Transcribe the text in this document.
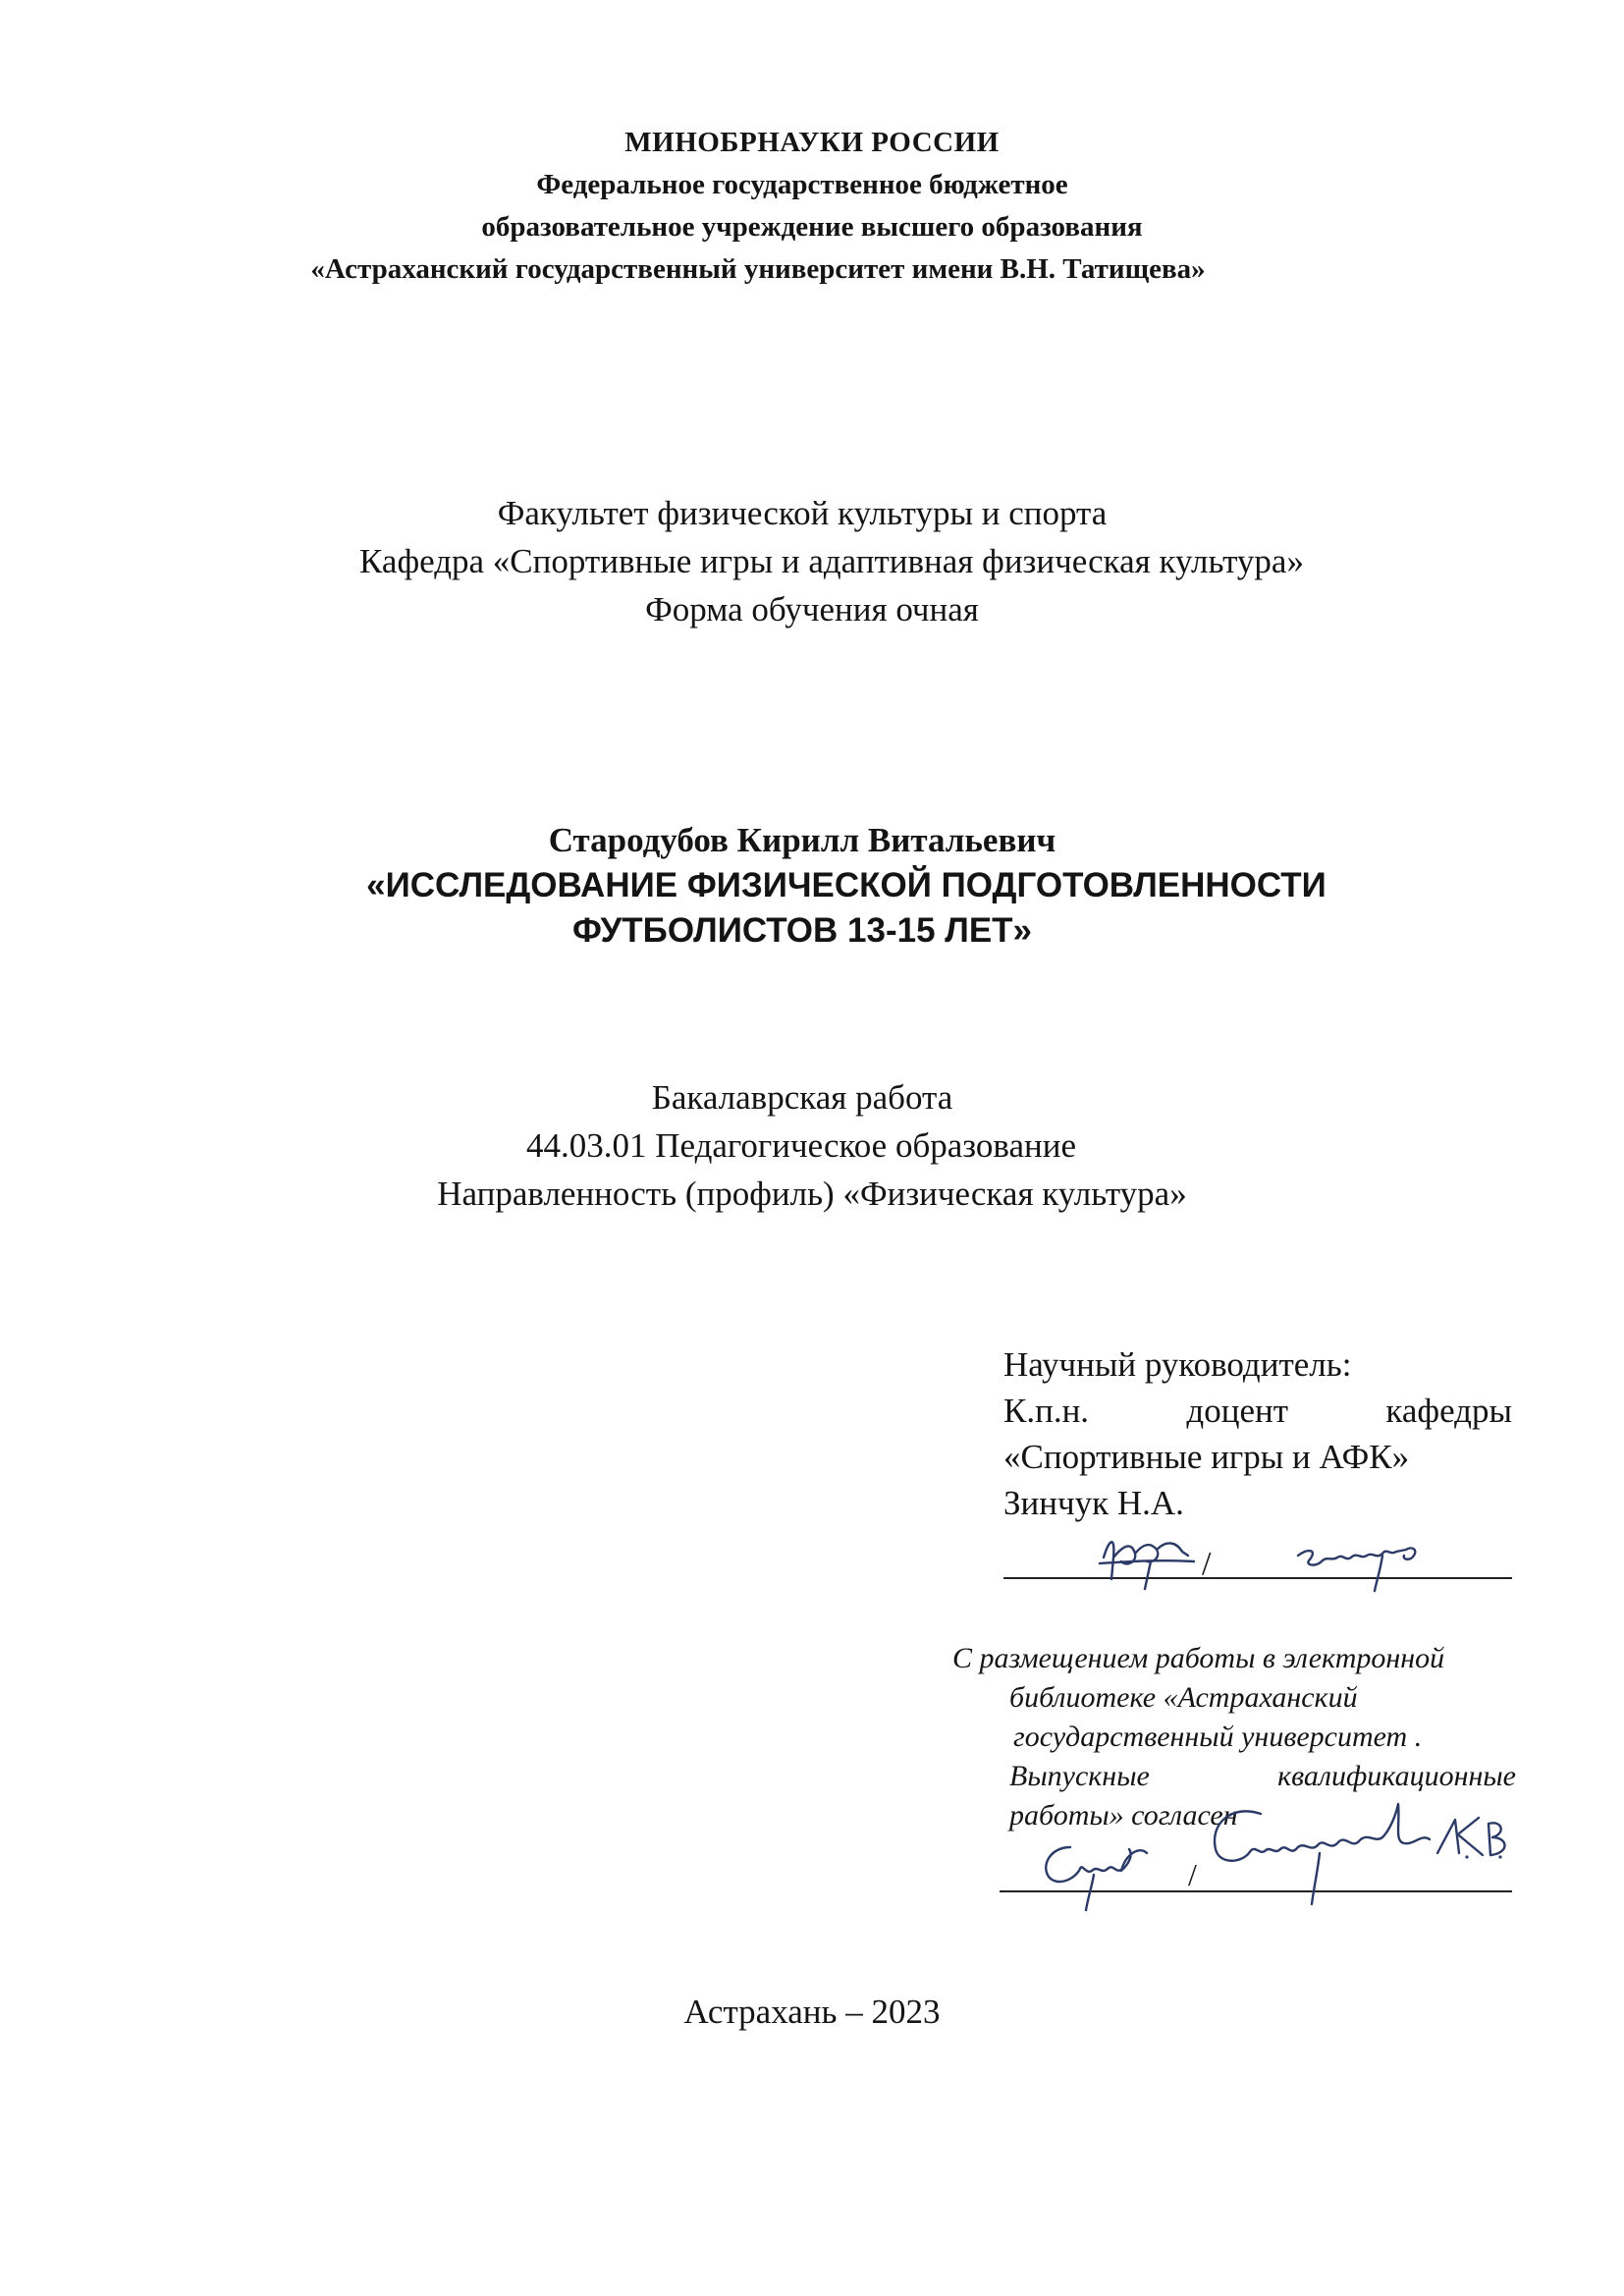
МИНОБРНАУКИ РОССИИ
Федеральное государственное бюджетное
образовательное учреждение высшего образования
«Астраханский государственный университет имени В.Н. Татищева»
Факультет физической культуры и спорта
Кафедра «Спортивные игры и адаптивная физическая культура»
Форма обучения очная
Стародубов Кирилл Витальевич
«ИССЛЕДОВАНИЕ ФИЗИЧЕСКОЙ ПОДГОТОВЛЕННОСТИ
ФУТБОЛИСТОВ 13-15 ЛЕТ»
Бакалаврская работа
44.03.01 Педагогическое образование
Направленность (профиль) «Физическая культура»
Научный руководитель:
К.п.н.	доцент	кафедры
«Спортивные игры и АФК»
Зинчук Н.А.
/
С размещением работы в электронной
библиотеке «Астраханский
государственный университет .
Выпускные	квалификационные
работы» согласен
/
Астрахань – 2023
